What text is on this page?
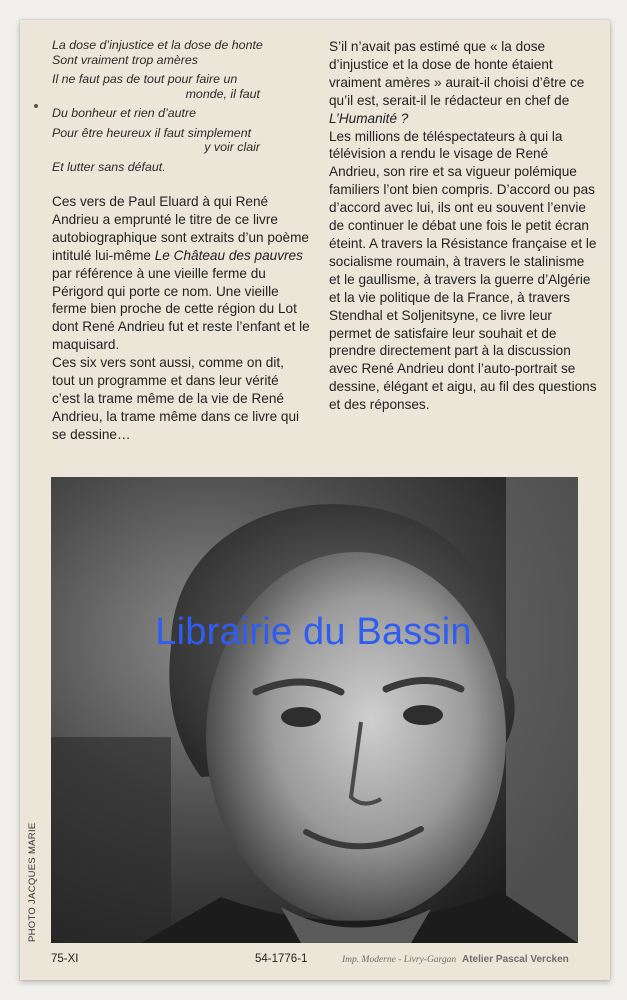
La dose d’injustice et la dose de honte
Sont vraiment trop amères
Il ne faut pas de tout pour faire un
monde, il faut
Du bonheur et rien d’autre
Pour être heureux il faut simplement
y voir clair
Et lutter sans défaut.

Ces vers de Paul Eluard à qui René Andrieu a emprunté le titre de ce livre autobiographique sont extraits d’un poème intitulé lui-même Le Château des pauvres par référence à une vieille ferme du Périgord qui porte ce nom. Une vieille ferme bien proche de cette région du Lot dont René Andrieu fut et reste l’enfant et le maquisard.

Ces six vers sont aussi, comme on dit, tout un programme et dans leur vérité c’est la trame même de la vie de René Andrieu, la trame même dans ce livre qui se dessine…

S’il n’avait pas estimé que « la dose d’injustice et la dose de honte étaient vraiment amères » aurait-il choisi d’être ce qu’il est, serait-il le rédacteur en chef de L’Humanité ?

Les millions de téléspectateurs à qui la télévision a rendu le visage de René Andrieu, son rire et sa vigueur polémique familiers l’ont bien compris. D’accord ou pas d’accord avec lui, ils ont eu souvent l’envie de continuer le débat une fois le petit écran éteint. A travers la Résistance française et le socialisme roumain, à travers le stalinisme et le gaullisme, à travers la guerre d’Algérie et la vie politique de la France, à travers Stendhal et Soljenitsyne, ce livre leur permet de satisfaire leur souhait et de prendre directement part à la discussion avec René Andrieu dont l’auto-portrait se dessine, élégant et aigu, au fil des questions et des réponses.

Librairie du Bassin
PHOTO JACQUES MARIE
75-XI	54-1776-1	Imp. Moderne - Livry-Gargan Atelier Pascal Vercken
